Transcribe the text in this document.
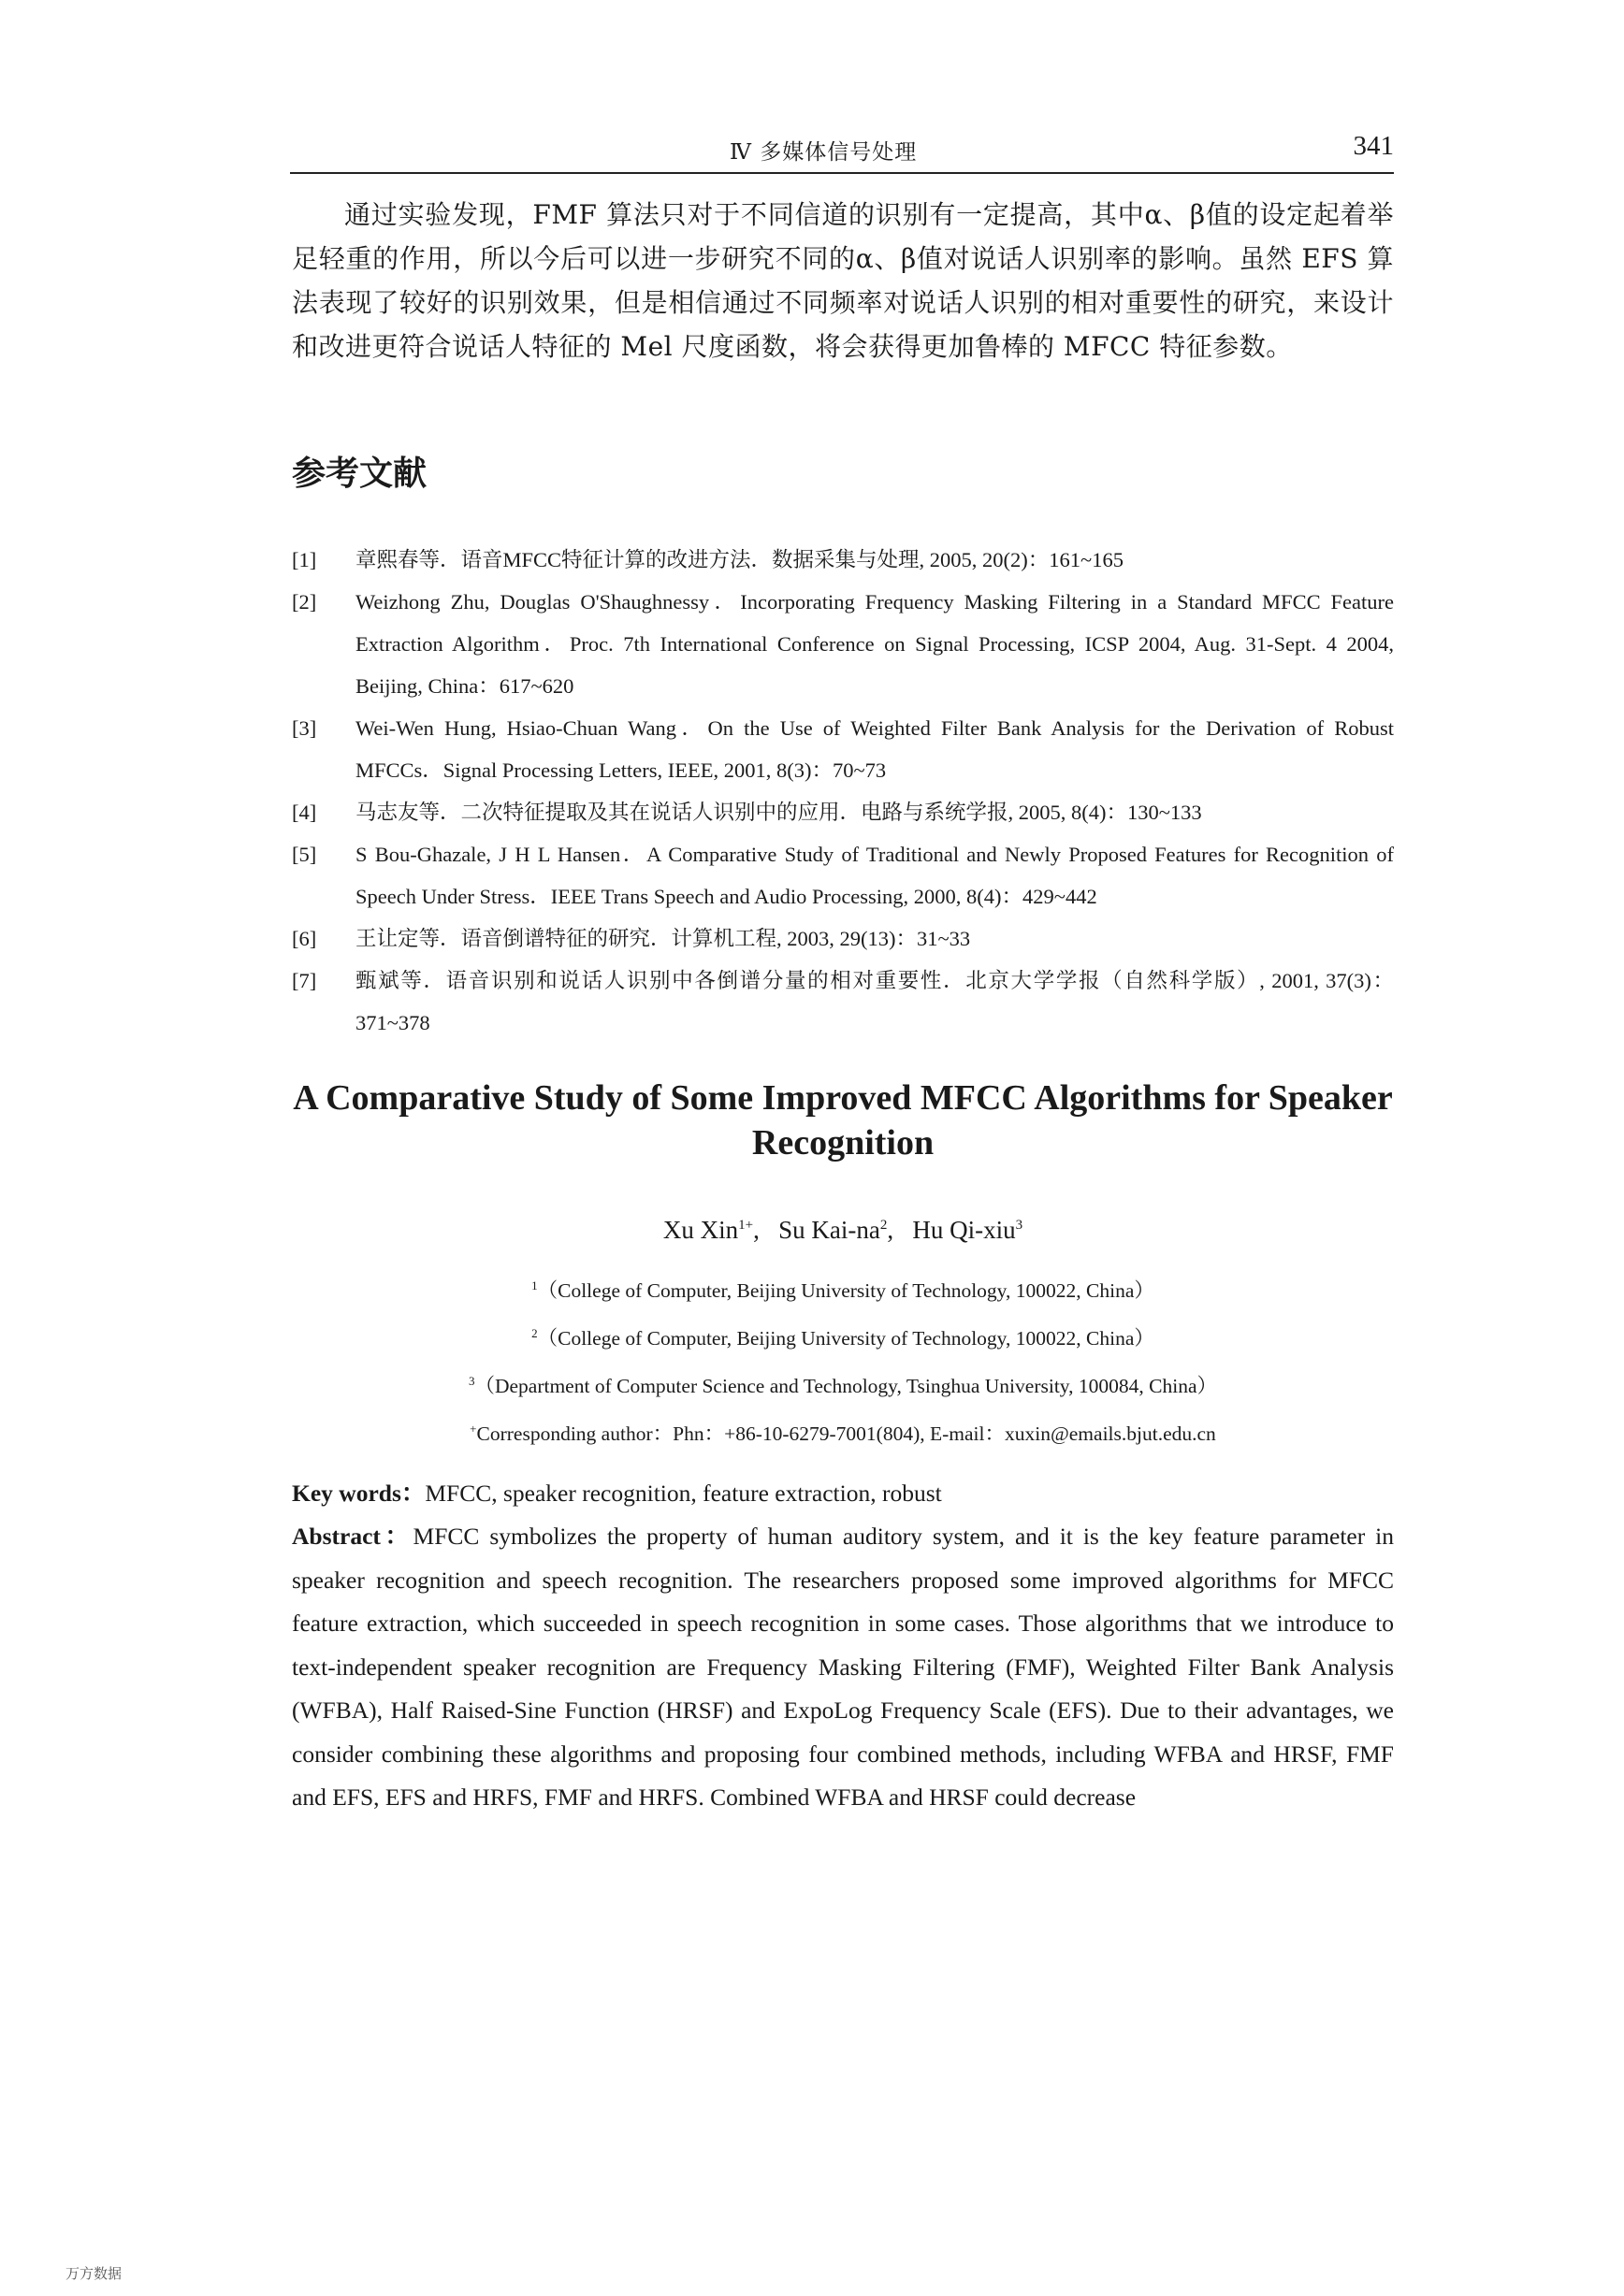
Ⅳ 多媒体信号处理	341

通过实验发现，FMF 算法只对于不同信道的识别有一定提高，其中α、β值的设定起着举足轻重的作用，所以今后可以进一步研究不同的α、β值对说话人识别率的影响。虽然 EFS 算法表现了较好的识别效果，但是相信通过不同频率对说话人识别的相对重要性的研究，来设计和改进更符合说话人特征的 Mel 尺度函数，将会获得更加鲁棒的 MFCC 特征参数。

参考文献
[1]	章熙春等．语音MFCC特征计算的改进方法．数据采集与处理, 2005, 20(2)：161~165
[2]	Weizhong Zhu, Douglas O'Shaughnessy．Incorporating Frequency Masking Filtering in a Standard MFCC Feature Extraction Algorithm．Proc. 7th International Conference on Signal Processing, ICSP 2004, Aug. 31-Sept. 4 2004, Beijing, China：617~620
[3]	Wei-Wen Hung, Hsiao-Chuan Wang．On the Use of Weighted Filter Bank Analysis for the Derivation of Robust MFCCs．Signal Processing Letters, IEEE, 2001, 8(3)：70~73
[4]	马志友等．二次特征提取及其在说话人识别中的应用．电路与系统学报, 2005, 8(4)：130~133
[5]	S Bou-Ghazale, J H L Hansen．A Comparative Study of Traditional and Newly Proposed Features for Recognition of Speech Under Stress．IEEE Trans Speech and Audio Processing, 2000, 8(4)：429~442
[6]	王让定等．语音倒谱特征的研究．计算机工程, 2003, 29(13)：31~33
[7]	甄斌等．语音识别和说话人识别中各倒谱分量的相对重要性．北京大学学报（自然科学版）, 2001, 37(3)：371~378
A Comparative Study of Some Improved MFCC Algorithms for Speaker Recognition
Xu Xin$^{1+}$,   Su Kai-$na^2$,   Hu Qi-xiu$^3$
$^1$（College of Computer, Beijing University of Technology, 100022, China）
$^2$（College of Computer, Beijing University of Technology, 100022, China）
$^3$（Department of Computer Science and Technology, Tsinghua University, 100084, China）
+Corresponding author：Phn：+86-10-6279-7001(804), E-mail：xuxin@emails.bjut.edu.cn
Key words：MFCC, speaker recognition, feature extraction, robust
Abstract：MFCC symbolizes the property of human auditory system, and it is the key feature parameter in speaker recognition and speech recognition. The researchers proposed some improved algorithms for MFCC feature extraction, which succeeded in speech recognition in some cases. Those algorithms that we introduce to text-independent speaker recognition are Frequency Masking Filtering (FMF), Weighted Filter Bank Analysis (WFBA), Half Raised-Sine Function (HRSF) and ExpoLog Frequency Scale (EFS). Due to their advantages, we consider combining these algorithms and proposing four combined methods, including WFBA and HRSF, FMF and EFS, EFS and HRFS, FMF and HRFS. Combined WFBA and HRSF could decrease
万方数据
